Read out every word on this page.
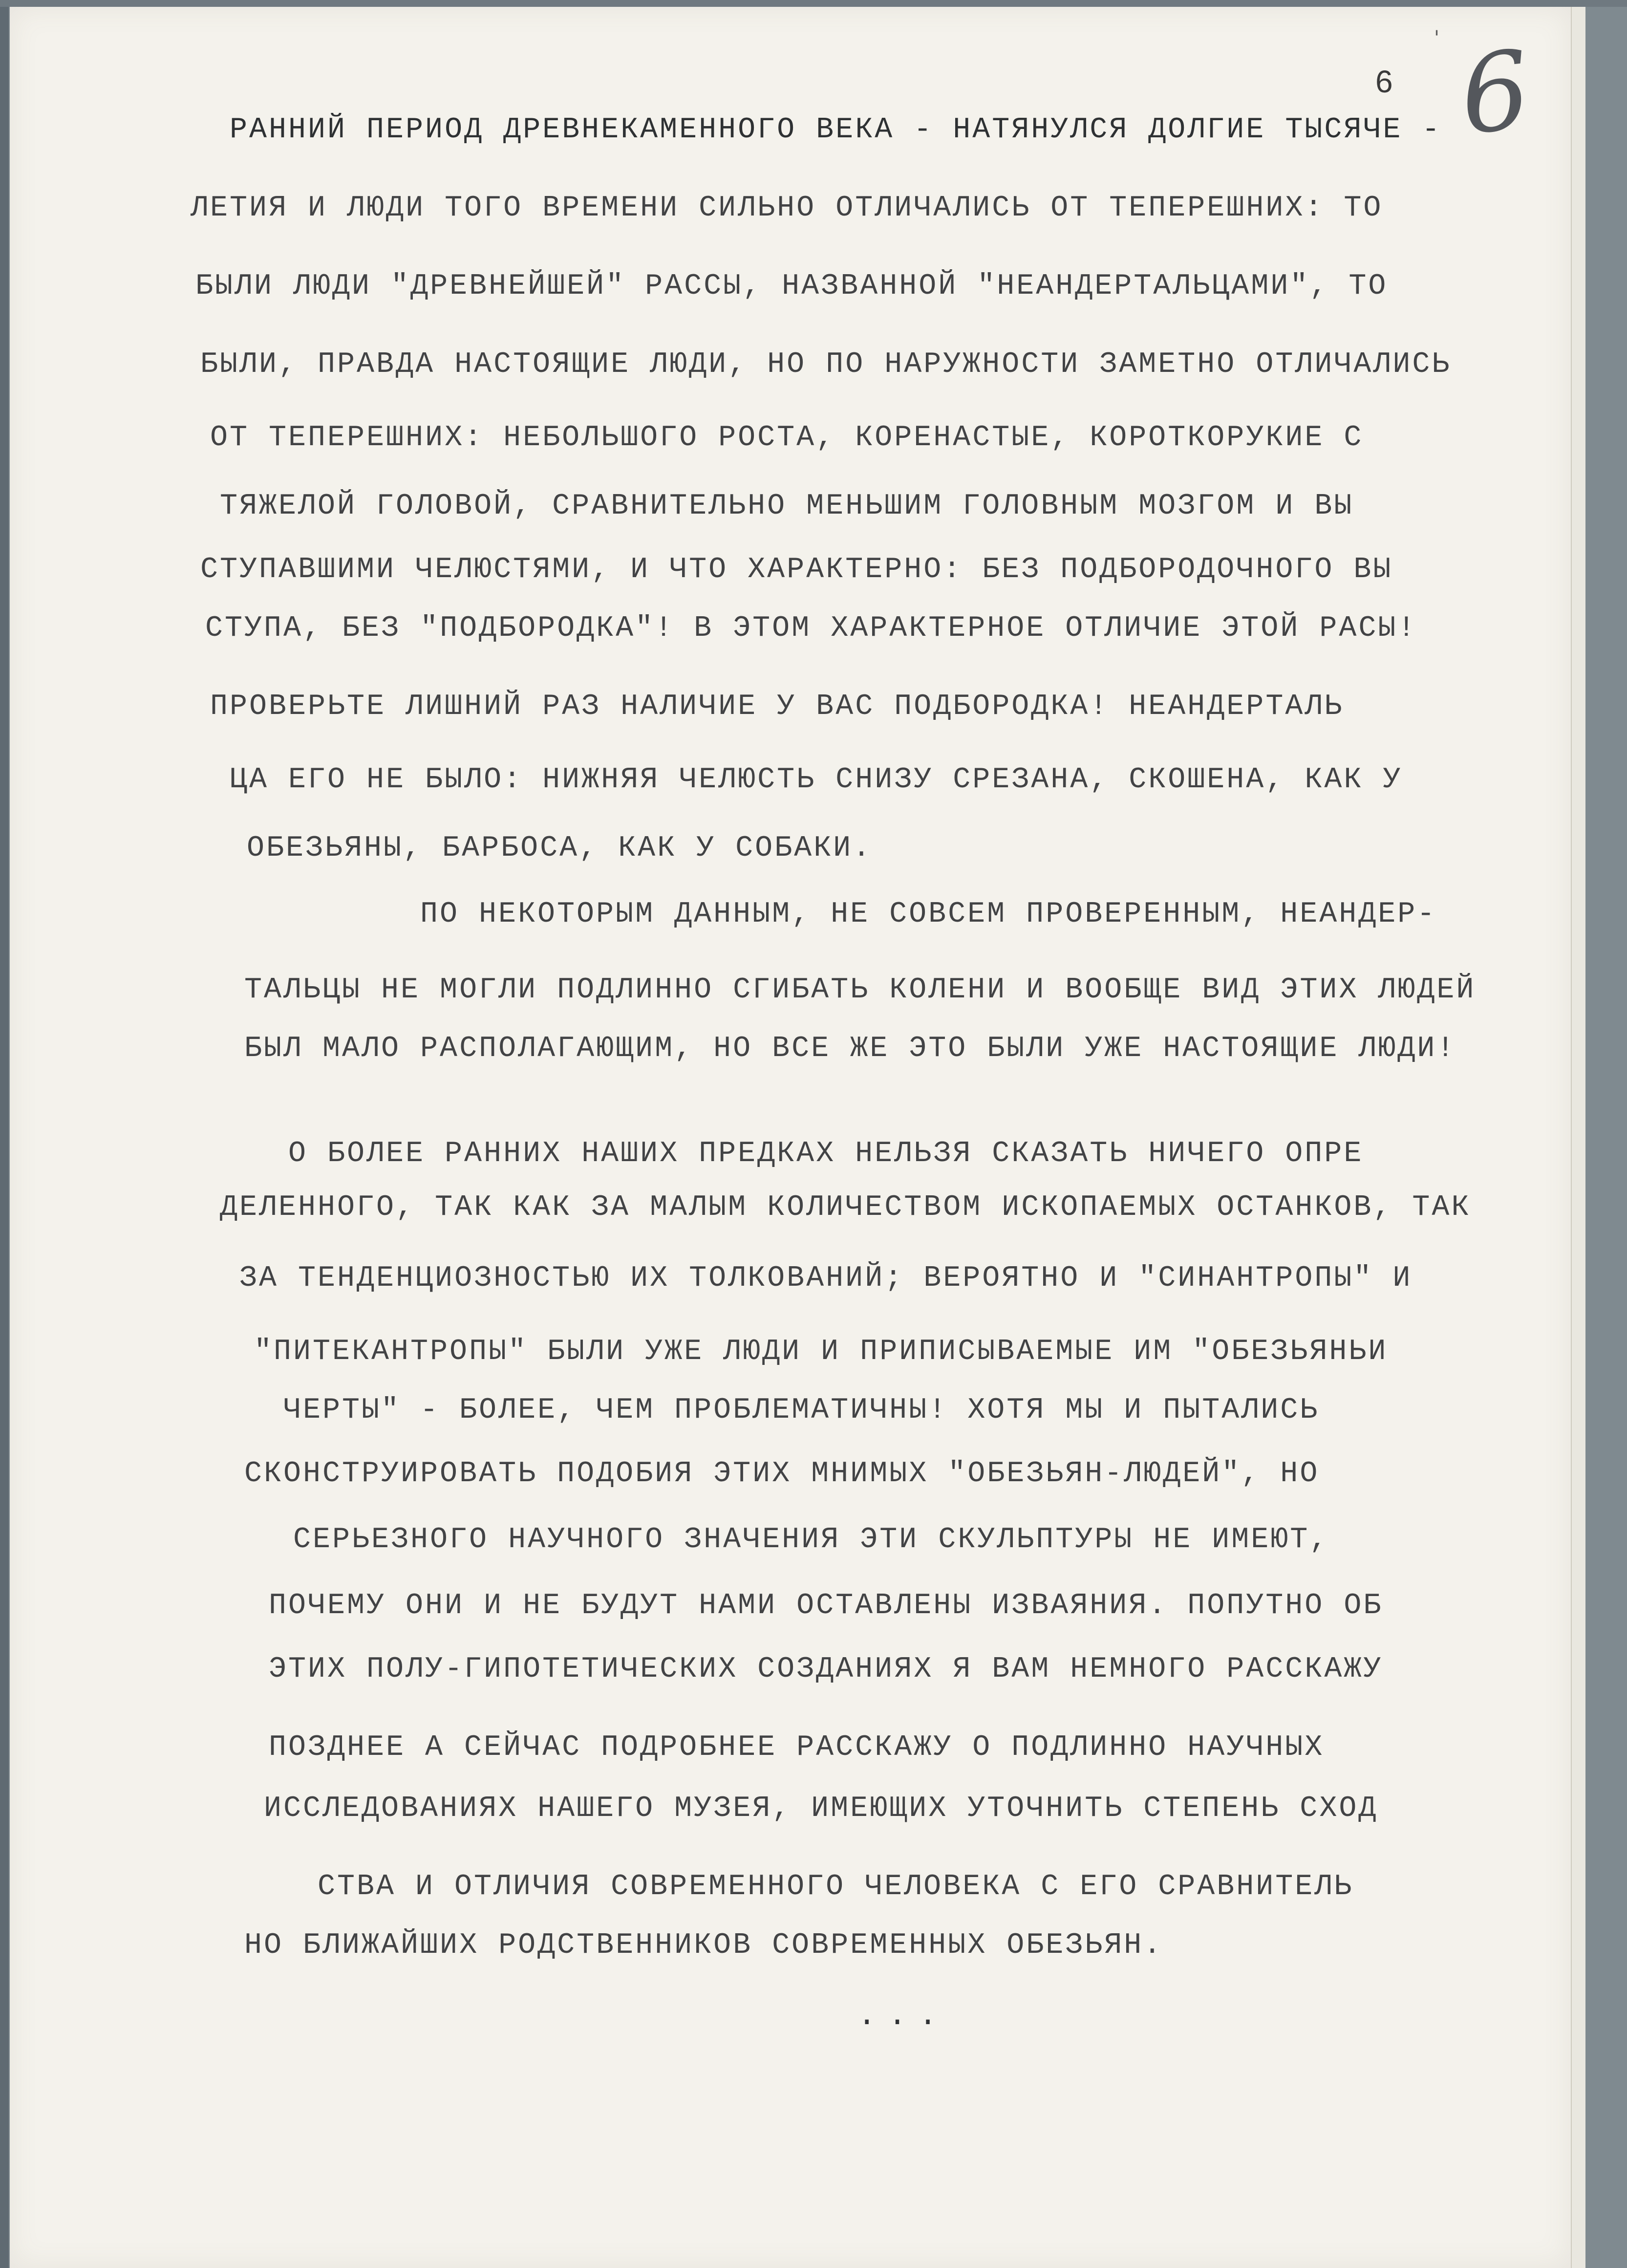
'
6 6
РАННИЙ ПЕРИОД ДРЕВНЕКАМЕННОГО ВЕКА - НАТЯНУЛСЯ ДОЛГИЕ ТЫСЯЧЕ -
ЛЕТИЯ И ЛЮДИ ТОГО ВРЕМЕНИ СИЛЬНО ОТЛИЧАЛИСЬ ОТ ТЕПЕРЕШНИХ: ТО
БЫЛИ ЛЮДИ "ДРЕВНЕЙШЕЙ" РАССЫ, НАЗВАННОЙ "НЕАНДЕРТАЛЬЦАМИ", ТО
БЫЛИ, ПРАВДА НАСТОЯЩИЕ ЛЮДИ, НО ПО НАРУЖНОСТИ ЗАМЕТНО ОТЛИЧАЛИСЬ
ОТ ТЕПЕРЕШНИХ: НЕБОЛЬШОГО РОСТА, КОРЕНАСТЫЕ, КОРОТКОРУКИЕ С
ТЯЖЕЛОЙ ГОЛОВОЙ, СРАВНИТЕЛЬНО МЕНЬШИМ ГОЛОВНЫМ МОЗГОМ И ВЫ
СТУПАВШИМИ ЧЕЛЮСТЯМИ, И ЧТО ХАРАКТЕРНО: БЕЗ ПОДБОРОДОЧНОГО ВЫ
СТУПА, БЕЗ "ПОДБОРОДКА"! В ЭТОМ ХАРАКТЕРНОЕ ОТЛИЧИЕ ЭТОЙ РАСЫ!
ПРОВЕРЬТЕ ЛИШНИЙ РАЗ НАЛИЧИЕ У ВАС ПОДБОРОДКА! НЕАНДЕРТАЛЬ
ЦА ЕГО НЕ БЫЛО: НИЖНЯЯ ЧЕЛЮСТЬ СНИЗУ СРЕЗАНА, СКОШЕНА, КАК У
ОБЕЗЬЯНЫ, БАРБОСА, КАК У СОБАКИ.
ПО НЕКОТОРЫМ ДАННЫМ, НЕ СОВСЕМ ПРОВЕРЕННЫМ, НЕАНДЕР-
ТАЛЬЦЫ НЕ МОГЛИ ПОДЛИННО СГИБАТЬ КОЛЕНИ И ВООБЩЕ ВИД ЭТИХ ЛЮДЕЙ
БЫЛ МАЛО РАСПОЛАГАЮЩИМ, НО ВСЕ ЖЕ ЭТО БЫЛИ УЖЕ НАСТОЯЩИЕ ЛЮДИ!
О БОЛЕЕ РАННИХ НАШИХ ПРЕДКАХ НЕЛЬЗЯ СКАЗАТЬ НИЧЕГО ОПРЕ
ДЕЛЕННОГО, ТАК КАК ЗА МАЛЫМ КОЛИЧЕСТВОМ ИСКОПАЕМЫХ ОСТАНКОВ, ТАК
ЗА ТЕНДЕНЦИОЗНОСТЬЮ ИХ ТОЛКОВАНИЙ; ВЕРОЯТНО И "СИНАНТРОПЫ" И
"ПИТЕКАНТРОПЫ" БЫЛИ УЖЕ ЛЮДИ И ПРИПИСЫВАЕМЫЕ ИМ "ОБЕЗЬЯНЬИ
ЧЕРТЫ" - БОЛЕЕ, ЧЕМ ПРОБЛЕМАТИЧНЫ! ХОТЯ МЫ И ПЫТАЛИСЬ
СКОНСТРУИРОВАТЬ ПОДОБИЯ ЭТИХ МНИМЫХ "ОБЕЗЬЯН-ЛЮДЕЙ", НО
СЕРЬЕЗНОГО НАУЧНОГО ЗНАЧЕНИЯ ЭТИ СКУЛЬПТУРЫ НЕ ИМЕЮТ,
ПОЧЕМУ ОНИ И НЕ БУДУТ НАМИ ОСТАВЛЕНЫ ИЗВАЯНИЯ. ПОПУТНО ОБ
ЭТИХ ПОЛУ-ГИПОТЕТИЧЕСКИХ СОЗДАНИЯХ Я ВАМ НЕМНОГО РАССКАЖУ
ПОЗДНЕЕ А СЕЙЧАС ПОДРОБНЕЕ РАССКАЖУ О ПОДЛИННО НАУЧНЫХ
ИССЛЕДОВАНИЯХ НАШЕГО МУЗЕЯ, ИМЕЮЩИХ УТОЧНИТЬ СТЕПЕНЬ СХОД
СТВА И ОТЛИЧИЯ СОВРЕМЕННОГО ЧЕЛОВЕКА С ЕГО СРАВНИТЕЛЬ
НО БЛИЖАЙШИХ РОДСТВЕННИКОВ СОВРЕМЕННЫХ ОБЕЗЬЯН.
...
